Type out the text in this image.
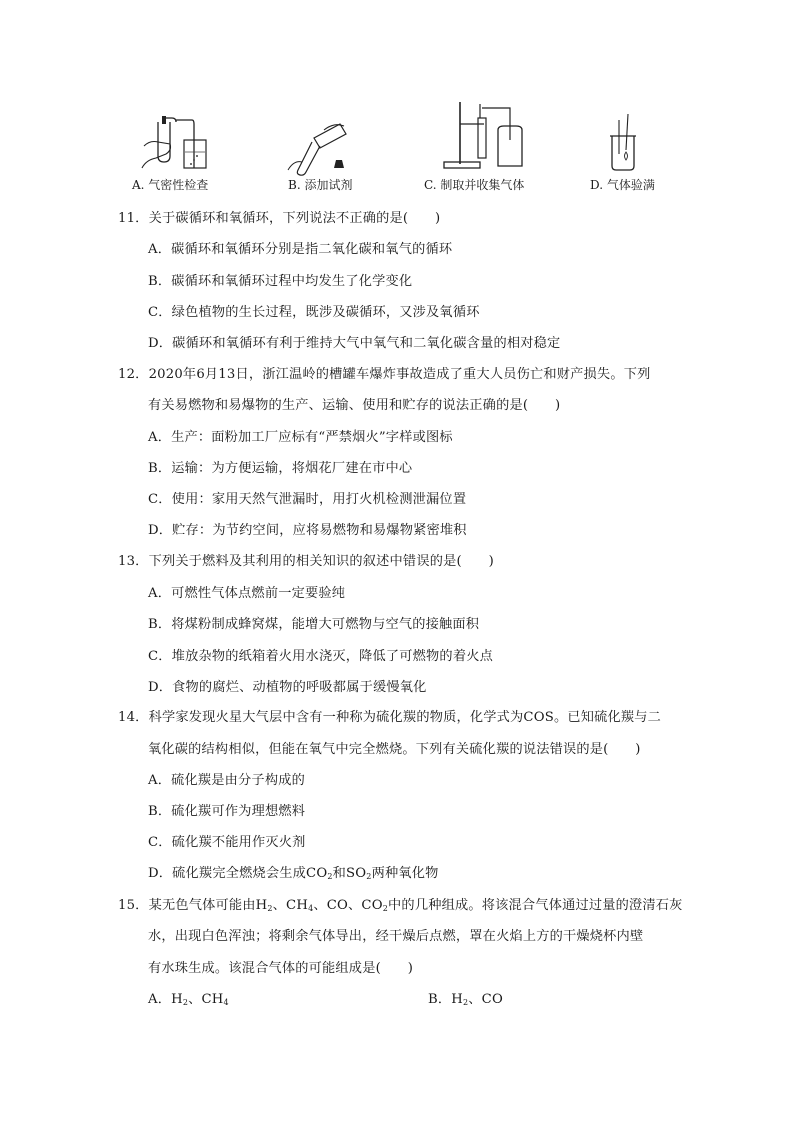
A. 气密性检查	B. 添加试剂	C. 制取并收集气体	D. 气体验满
11．关于碳循环和氧循环，下列说法不正确的是(　　)
A．碳循环和氧循环分别是指二氧化碳和氧气的循环
B．碳循环和氧循环过程中均发生了化学变化
C．绿色植物的生长过程，既涉及碳循环，又涉及氧循环
D．碳循环和氧循环有利于维持大气中氧气和二氧化碳含量的相对稳定
12．2020年6月13日，浙江温岭的槽罐车爆炸事故造成了重大人员伤亡和财产损失。下列
有关易燃物和易爆物的生产、运输、使用和贮存的说法正确的是(　　)
A．生产：面粉加工厂应标有“严禁烟火”字样或图标
B．运输：为方便运输，将烟花厂建在市中心
C．使用：家用天然气泄漏时，用打火机检测泄漏位置
D．贮存：为节约空间，应将易燃物和易爆物紧密堆积
13．下列关于燃料及其利用的相关知识的叙述中错误的是(　　)
A．可燃性气体点燃前一定要验纯
B．将煤粉制成蜂窝煤，能增大可燃物与空气的接触面积
C．堆放杂物的纸箱着火用水浇灭，降低了可燃物的着火点
D．食物的腐烂、动植物的呼吸都属于缓慢氧化
14．科学家发现火星大气层中含有一种称为硫化羰的物质，化学式为COS。已知硫化羰与二
氧化碳的结构相似，但能在氧气中完全燃烧。下列有关硫化羰的说法错误的是(　　)
A．硫化羰是由分子构成的
B．硫化羰可作为理想燃料
C．硫化羰不能用作灭火剂
D．硫化羰完全燃烧会生成$CO_2$和$SO_2$两种氧化物
15．某无色气体可能由$H_2$、$CH_4$、CO、$CO_2$中的几种组成。将该混合气体通过过量的澄清石灰
水，出现白色浑浊；将剩余气体导出，经干燥后点燃，罩在火焰上方的干燥烧杯内壁
有水珠生成。该混合气体的可能组成是(　　)
A．$H_2$、$CH_4$	B．$H_2$、CO
